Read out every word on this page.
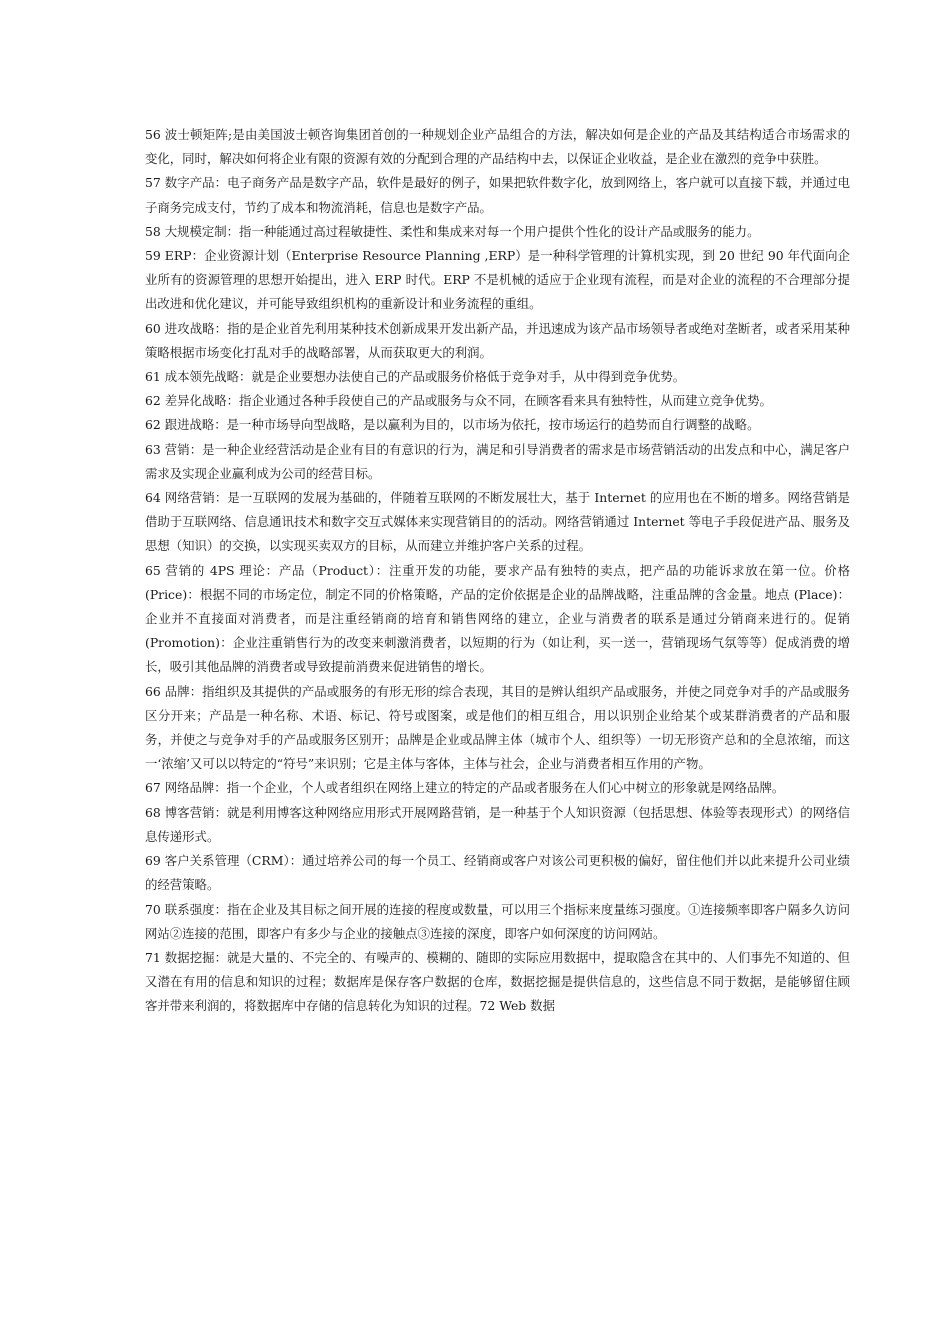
56 波士顿矩阵;是由美国波士顿咨询集团首创的一种规划企业产品组合的方法，解决如何是企业的产品及其结构适合市场需求的变化，同时，解决如何将企业有限的资源有效的分配到合理的产品结构中去，以保证企业收益，是企业在激烈的竞争中获胜。

57 数字产品：电子商务产品是数字产品，软件是最好的例子，如果把软件数字化，放到网络上，客户就可以直接下载，并通过电子商务完成支付，节约了成本和物流消耗，信息也是数字产品。

58 大规模定制：指一种能通过高过程敏捷性、柔性和集成来对每一个用户提供个性化的设计产品或服务的能力。

59 ERP：企业资源计划（Enterprise Resource Planning ,ERP）是一种科学管理的计算机实现，到 20 世纪 90 年代面向企业所有的资源管理的思想开始提出，进入 ERP 时代。ERP 不是机械的适应于企业现有流程，而是对企业的流程的不合理部分提出改进和优化建议，并可能导致组织机构的重新设计和业务流程的重组。

60 进攻战略：指的是企业首先利用某种技术创新成果开发出新产品，并迅速成为该产品市场领导者或绝对垄断者，或者采用某种策略根据市场变化打乱对手的战略部署，从而获取更大的利润。

61 成本领先战略：就是企业要想办法使自己的产品或服务价格低于竞争对手，从中得到竞争优势。

62 差异化战略：指企业通过各种手段使自己的产品或服务与众不同，在顾客看来具有独特性，从而建立竞争优势。

62 跟进战略：是一种市场导向型战略，是以赢利为目的，以市场为依托，按市场运行的趋势而自行调整的战略。

63 营销：是一种企业经营活动是企业有目的有意识的行为，满足和引导消费者的需求是市场营销活动的出发点和中心，满足客户需求及实现企业赢利成为公司的经营目标。

64 网络营销：是一互联网的发展为基础的，伴随着互联网的不断发展壮大，基于 Internet 的应用也在不断的增多。网络营销是借助于互联网络、信息通讯技术和数字交互式媒体来实现营销目的的活动。网络营销通过 Internet 等电子手段促进产品、服务及思想（知识）的交换，以实现买卖双方的目标，从而建立并维护客户关系的过程。

65 营销的 4PS 理论：产品（Product）：注重开发的功能，要求产品有独特的卖点，把产品的功能诉求放在第一位。价格 (Price)：根据不同的市场定位，制定不同的价格策略，产品的定价依据是企业的品牌战略，注重品牌的含金量。地点 (Place)：企业并不直接面对消费者，而是注重经销商的培育和销售网络的建立，企业与消费者的联系是通过分销商来进行的。促销(Promotion)：企业注重销售行为的改变来刺激消费者，以短期的行为（如让利，买一送一，营销现场气氛等等）促成消费的增长，吸引其他品牌的消费者或导致提前消费来促进销售的增长。

66 品牌：指组织及其提供的产品或服务的有形无形的综合表现，其目的是辨认组织产品或服务，并使之同竞争对手的产品或服务区分开来；产品是一种名称、术语、标记、符号或图案，或是他们的相互组合，用以识别企业给某个或某群消费者的产品和服务，并使之与竞争对手的产品或服务区别开；品牌是企业或品牌主体（城市个人、组织等）一切无形资产总和的全息浓缩，而这一‘浓缩’又可以以特定的“符号”来识别；它是主体与客体，主体与社会，企业与消费者相互作用的产物。

67 网络品牌：指一个企业，个人或者组织在网络上建立的特定的产品或者服务在人们心中树立的形象就是网络品牌。

68 博客营销：就是利用博客这种网络应用形式开展网路营销，是一种基于个人知识资源（包括思想、体验等表现形式）的网络信息传递形式。

69 客户关系管理（CRM）：通过培养公司的每一个员工、经销商或客户对该公司更积极的偏好，留住他们并以此来提升公司业绩的经营策略。

70 联系强度：指在企业及其目标之间开展的连接的程度或数量，可以用三个指标来度量练习强度。①连接频率即客户隔多久访问网站②连接的范围，即客户有多少与企业的接触点③连接的深度，即客户如何深度的访问网站。

71 数据挖掘：就是大量的、不完全的、有噪声的、模糊的、随即的实际应用数据中，提取隐含在其中的、人们事先不知道的、但又潜在有用的信息和知识的过程；数据库是保存客户数据的仓库，数据挖掘是提供信息的，这些信息不同于数据，是能够留住顾客并带来利润的，将数据库中存储的信息转化为知识的过程。72 Web 数据
